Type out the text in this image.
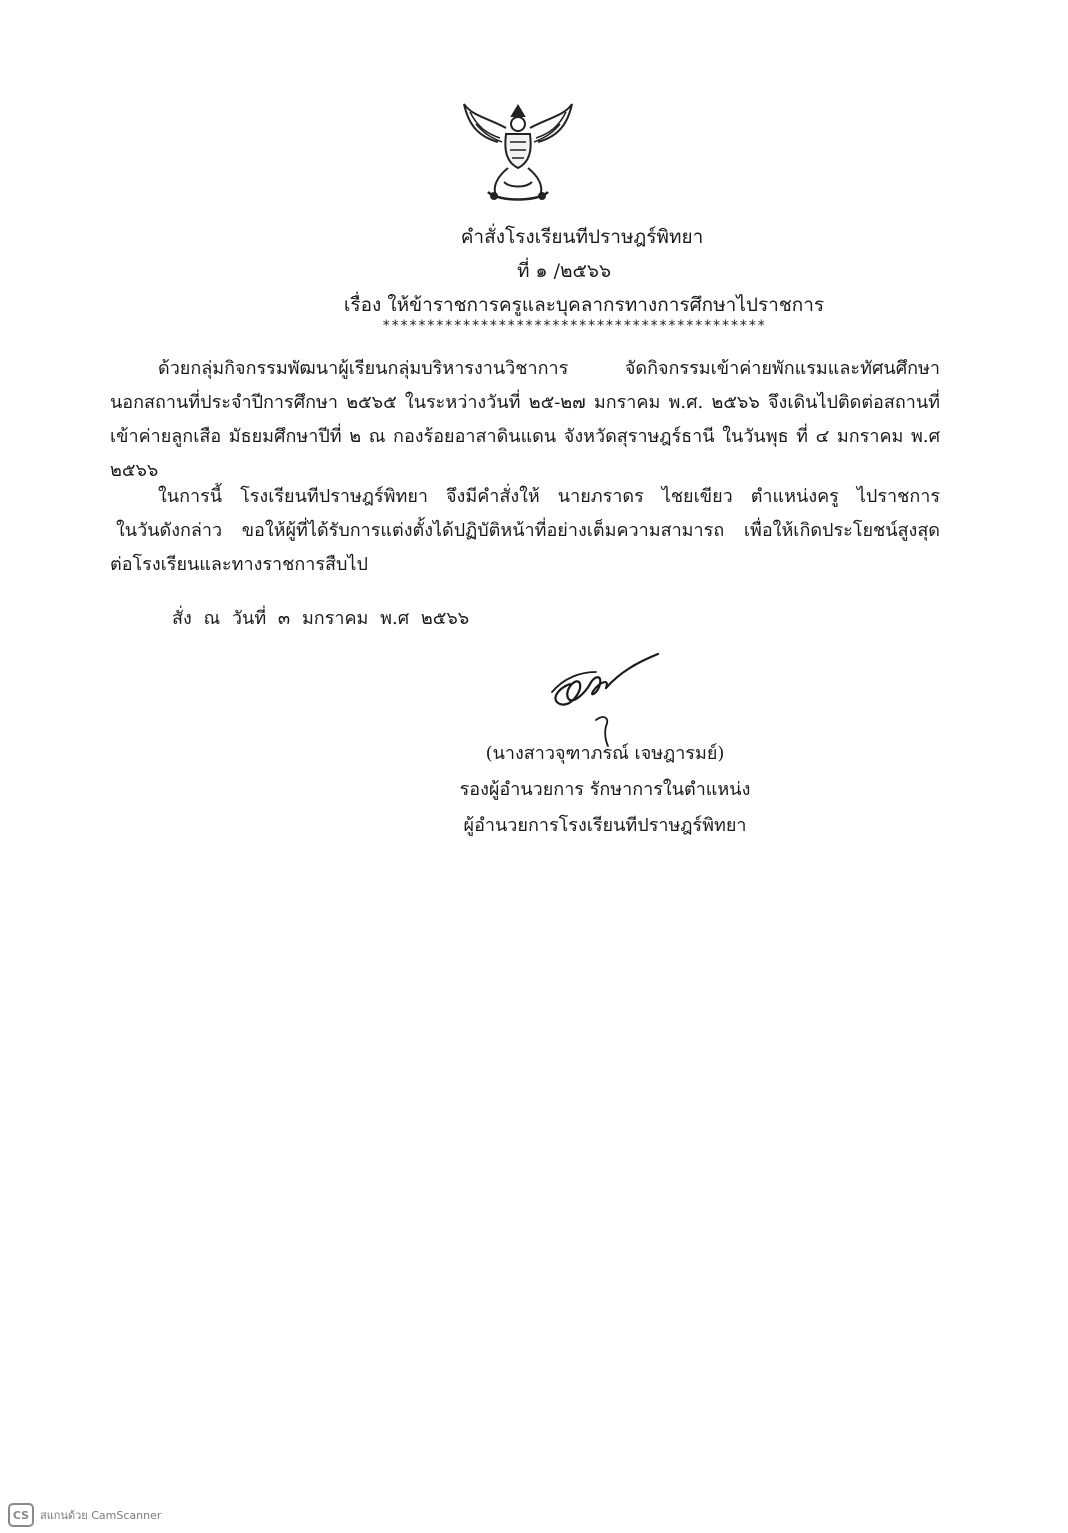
คำสั่งโรงเรียนทีปราษฎร์พิทยา
ที่ ๑ /๒๕๖๖
เรื่อง ให้ข้าราชการครูและบุคลากรทางการศึกษาไปราชการ
*******************************************
ด้วยกลุ่มกิจกรรมพัฒนาผู้เรียนกลุ่มบริหารงานวิชาการ จัดกิจกรรมเข้าค่ายพักแรมและทัศนศึกษา
นอกสถานที่ประจำปีการศึกษา ๒๕๖๕ ในระหว่างวันที่ ๒๕-๒๗ มกราคม พ.ศ. ๒๕๖๖ จึงเดินไปติดต่อสถานที่
เข้าค่ายลูกเสือ มัธยมศึกษาปีที่ ๒ ณ กองร้อยอาสาดินแดน จังหวัดสุราษฎร์ธานี ในวันพุธ ที่ ๔ มกราคม พ.ศ
๒๕๖๖
ในการนี้ โรงเรียนทีปราษฎร์พิทยา จึงมีคำสั่งให้ นายภราดร ไชยเขียว ตำแหน่งครู ไปราชการ
ในวันดังกล่าว ขอให้ผู้ที่ได้รับการแต่งตั้งได้ปฏิบัติหน้าที่อย่างเต็มความสามารถ เพื่อให้เกิดประโยชน์สูงสุด
ต่อโรงเรียนและทางราชการสืบไป
สั่ง ณ วันที่ ๓ มกราคม พ.ศ ๒๕๖๖
(นางสาวจุฑาภรณ์ เจษฎารมย์)
รองผู้อำนวยการ รักษาการในตำแหน่ง
ผู้อำนวยการโรงเรียนทีปราษฎร์พิทยา
CS สแกนด้วย CamScanner
